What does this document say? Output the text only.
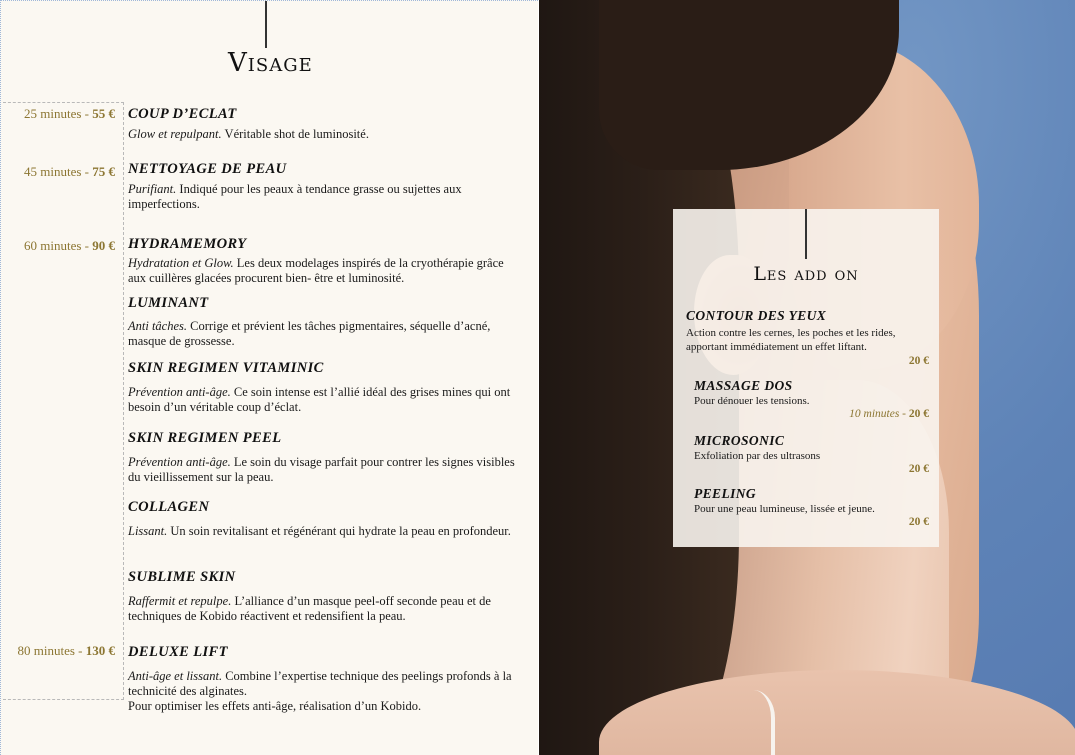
Visage
25 minutes - 55 €
45 minutes - 75 €
60 minutes - 90 €
80 minutes - 130 €
COUP D’ECLAT
Glow et repulpant. Véritable shot de luminosité.
NETTOYAGE DE PEAU
Purifiant. Indiqué pour les peaux à tendance grasse ou sujettes aux imperfections.
HYDRAMEMORY
Hydratation et Glow. Les deux modelages inspirés de la cryothérapie grâce aux cuillères glacées procurent bien- être et luminosité.
LUMINANT
Anti tâches. Corrige et prévient les tâches pigmentaires, séquelle d’acné, masque de grossesse.
SKIN REGIMEN VITAMINIC
Prévention anti-âge. Ce soin intense est l’allié idéal des grises mines qui ont besoin d’un véritable coup d’éclat.
SKIN REGIMEN PEEL
Prévention anti-âge. Le soin du visage parfait pour contrer les signes visibles du vieillissement sur la peau.
COLLAGEN
Lissant. Un soin revitalisant et régénérant qui hydrate la peau en profondeur.
SUBLIME SKIN
Raffermit et repulpe. L’alliance d’un masque peel-off seconde peau et de techniques de Kobido réactivent et redensifient la peau.
DELUXE LIFT
Anti-âge et lissant. Combine l’expertise technique des peelings profonds à la technicité des alginates.
Pour optimiser les effets anti-âge, réalisation d’un Kobido.
Les add on
CONTOUR DES YEUX
Action contre les cernes, les poches et les rides, apportant immédiatement un effet liftant.
20 €
MASSAGE DOS
Pour dénouer les tensions.
10 minutes - 20 €
MICROSONIC
Exfoliation par des ultrasons
20 €
PEELING
Pour une peau lumineuse, lissée et jeune.
20 €
